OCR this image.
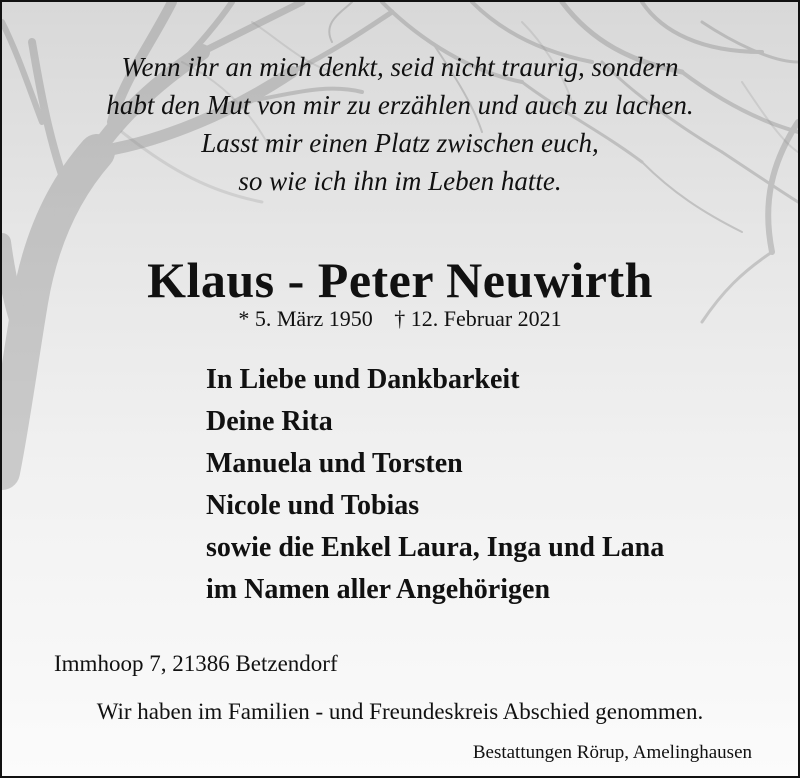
Wenn ihr an mich denkt, seid nicht traurig, sondern
habt den Mut von mir zu erzählen und auch zu lachen.
Lasst mir einen Platz zwischen euch,
so wie ich ihn im Leben hatte.
Klaus - Peter Neuwirth
* 5. März 1950 † 12. Februar 2021
In Liebe und Dankbarkeit
Deine Rita
Manuela und Torsten
Nicole und Tobias
sowie die Enkel Laura, Inga und Lana
im Namen aller Angehörigen
Immhoop 7, 21386 Betzendorf
Wir haben im Familien - und Freundeskreis Abschied genommen.
Bestattungen Rörup, Amelinghausen
